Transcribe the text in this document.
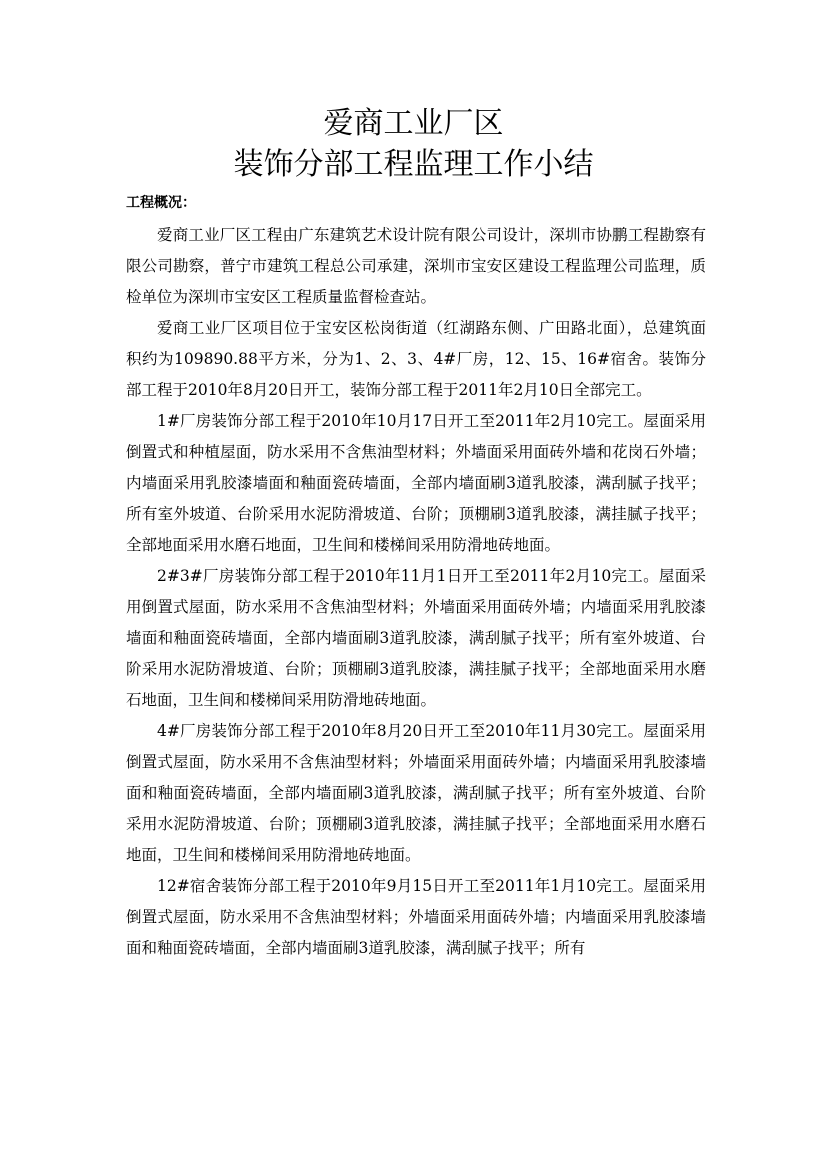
爱商工业厂区
装饰分部工程监理工作小结
工程概况：

爱商工业厂区工程由广东建筑艺术设计院有限公司设计，深圳市协鹏工程勘察有限公司勘察，普宁市建筑工程总公司承建，深圳市宝安区建设工程监理公司监理，质检单位为深圳市宝安区工程质量监督检查站。

爱商工业厂区项目位于宝安区松岗街道（红湖路东侧、广田路北面），总建筑面积约为109890.88平方米，分为1、2、3、4#厂房，12、15、16#宿舍。装饰分部工程于2010年8月20日开工，装饰分部工程于2011年2月10日全部完工。

1#厂房装饰分部工程于2010年10月17日开工至2011年2月10完工。屋面采用倒置式和种植屋面，防水采用不含焦油型材料；外墙面采用面砖外墙和花岗石外墙；内墙面采用乳胶漆墙面和釉面瓷砖墙面，全部内墙面刷3道乳胶漆，满刮腻子找平；所有室外坡道、台阶采用水泥防滑坡道、台阶；顶棚刷3道乳胶漆，满挂腻子找平；全部地面采用水磨石地面，卫生间和楼梯间采用防滑地砖地面。

2#3#厂房装饰分部工程于2010年11月1日开工至2011年2月10完工。屋面采用倒置式屋面，防水采用不含焦油型材料；外墙面采用面砖外墙；内墙面采用乳胶漆墙面和釉面瓷砖墙面，全部内墙面刷3道乳胶漆，满刮腻子找平；所有室外坡道、台阶采用水泥防滑坡道、台阶；顶棚刷3道乳胶漆，满挂腻子找平；全部地面采用水磨石地面，卫生间和楼梯间采用防滑地砖地面。

4#厂房装饰分部工程于2010年8月20日开工至2010年11月30完工。屋面采用倒置式屋面，防水采用不含焦油型材料；外墙面采用面砖外墙；内墙面采用乳胶漆墙面和釉面瓷砖墙面，全部内墙面刷3道乳胶漆，满刮腻子找平；所有室外坡道、台阶采用水泥防滑坡道、台阶；顶棚刷3道乳胶漆，满挂腻子找平；全部地面采用水磨石地面，卫生间和楼梯间采用防滑地砖地面。

12#宿舍装饰分部工程于2010年9月15日开工至2011年1月10完工。屋面采用倒置式屋面，防水采用不含焦油型材料；外墙面采用面砖外墙；内墙面采用乳胶漆墙面和釉面瓷砖墙面，全部内墙面刷3道乳胶漆，满刮腻子找平；所有
